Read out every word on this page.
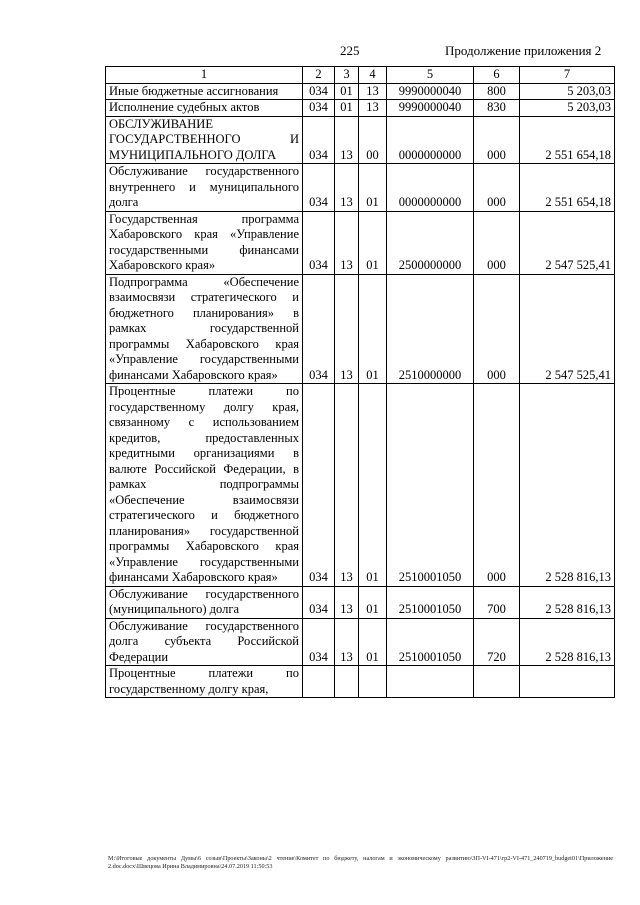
225	Продолжение приложения 2
1	2	3	4	5	6	7
Иные бюджетные ассигнования	034	01	13	9990000040	800	5 203,03
Исполнение судебных актов	034	01	13	9990000040	830	5 203,03
ОБСЛУЖИВАНИЕ ГОСУДАРСТВЕННОГО И МУНИЦИПАЛЬНОГО ДОЛГА	034	13	00	0000000000	000	2 551 654,18
Обслуживание государственного внутреннего и муниципального долга	034	13	01	0000000000	000	2 551 654,18
Государственная программа Хабаровского края «Управление государственными финансами Хабаровского края»	034	13	01	2500000000	000	2 547 525,41
Подпрограмма «Обеспечение взаимосвязи стратегического и бюджетного планирования» в рамках государственной программы Хабаровского края «Управление государственными финансами Хабаровского края»	034	13	01	2510000000	000	2 547 525,41
Процентные платежи по государственному долгу края, связанному с использованием кредитов, предоставленных кредитными организациями в валюте Российской Федерации, в рамках подпрограммы «Обеспечение взаимосвязи стратегического и бюджетного планирования» государственной программы Хабаровского края «Управление государственными финансами Хабаровского края»	034	13	01	2510001050	000	2 528 816,13
Обслуживание государственного (муниципального) долга	034	13	01	2510001050	700	2 528 816,13
Обслуживание государственного долга субъекта Российской Федерации	034	13	01	2510001050	720	2 528 816,13
Процентные платежи по государственному долгу края,						
M:\Итоговые документы Думы\6 созыв\Проекты\Законы\2 чтение\Комитет по бюджету, налогам и экономическому развитию\ЗП-VI-471\гр2-VI-471_240719_budget01\Приложение 2.doc.docx\Швецова Ирина Владимировна\24.07.2019 11:50:53
